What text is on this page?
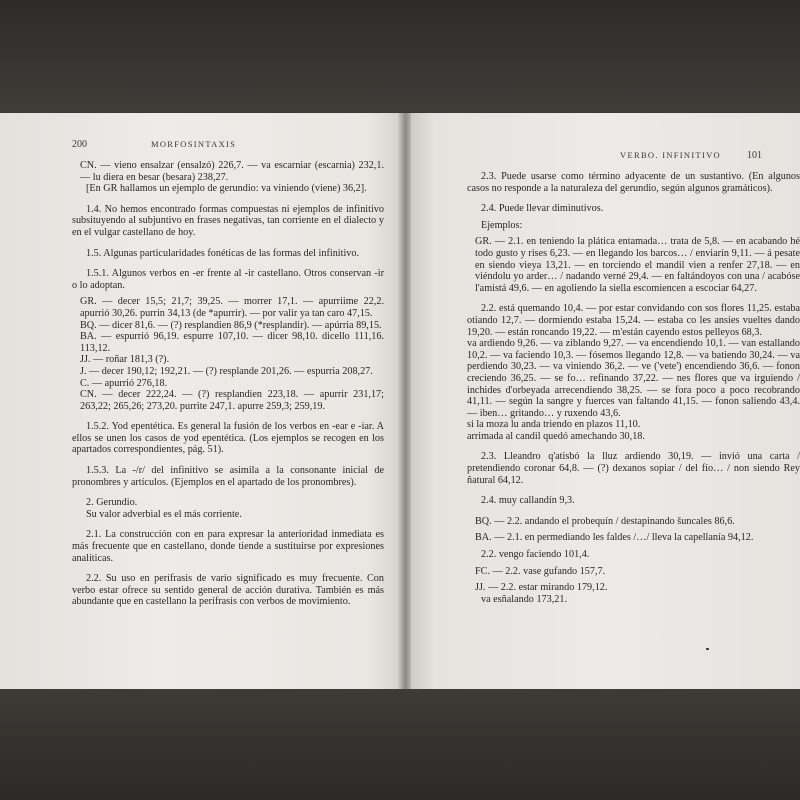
200	MORFOSINTAXIS

CN. — vieno ensalzar (ensalzó) 226,7. — va escarniar (escarnia) 232,1. — lu diera en besar (besara) 238,27.

[En GR hallamos un ejemplo de gerundio: va viniendo (viene) 36,2].

1.4. No hemos encontrado formas compuestas ni ejemplos de infinitivo subsituyendo al subjuntivo en frases negativas, tan corriente en el dialecto y en el vulgar castellano de hoy.

1.5. Algunas particularidades fonéticas de las formas del infinitivo.

1.5.1. Algunos verbos en -er frente al -ir castellano. Otros conservan -ir o lo adoptan.

GR. — decer 15,5; 21,7; 39,25. — morrer 17,1. — apurriime 22,2. apurrió 30,26. purrin 34,13 (de *apurrir). — por valir ya tan caro 47,15.

BQ. — dicer 81,6. — (?) resplandien 86,9 (*resplandir). — apúrria 89,15.

BA. — espurrió 96,19. espurre 107,10. — dicer 98,10. dicello 111,16. 113,12.

JJ. — roñar 181,3 (?).

J. — decer 190,12; 192,21. — (?) resplande 201,26. — espurria 208,27.

C. — apurrió 276,18.

CN. — decer 222,24. — (?) resplandien 223,18. — apurrir 231,17; 263,22; 265,26; 273,20. purrite 247,1. apurre 259,3; 259,19.

1.5.2. Yod epentética. Es general la fusión de los verbos en -ear e -iar. A ellos se unen los casos de yod epentética. (Los ejemplos se recogen en los apartados correspondientes, pág. 51).

1.5.3. La -/r/ del infinitivo se asimila a la consonante inicial de pronombres y artículos. (Ejemplos en el apartado de los pronombres).

2. Gerundio.

Su valor adverbial es el más corriente.

2.1. La construcción con en para expresar la anterioridad inmediata es más frecuente que en castellano, donde tiende a sustituirse por expresiones analíticas.

2.2. Su uso en perífrasis de vario significado es muy frecuente. Con verbo estar ofrece su sentido general de acción durativa. También es más abundante que en castellano la perífrasis con verbos de movimiento.

VERBO. INFINITIVO	101

2.3. Puede usarse como término adyacente de un sustantivo. (En algunos casos no responde a la naturaleza del gerundio, según algunos gramáticos).

2.4. Puede llevar diminutivos.

Ejemplos:

GR. — 2.1. en teniendo la plática entamada… trata de 5,8. — en acabando hé todo gusto y rises 6,23. — en llegando los barcos… / enviarín 9,11. — á pesate en siendo vieya 13,21. — en torciendo el mandil vien a renfer 27,18. — en viéndolu yo arder… / nadando verné 29,4. — en faltándoyos con una / acabóse l'amistá 49,6. — en agoliendo la siella escomiencen a escociar 64,27.

2.2. está quemando 10,4. — por estar convidando con sos flores 11,25. estaba otiando 12,7. — dormiendo estaba 15,24. — estaba co les ansies vueltes dando 19,20. — están roncando 19,22. — m'están cayendo estos pelleyos 68,3.

va ardiendo 9,26. — va ziblando 9,27. — va encendiendo 10,1. — van estallando 10,2. — va faciendo 10,3. — fósemos llegando 12,8. — va batiendo 30,24. — va perdiendo 30,23. — va viniendo 36,2. — ve ('vete') encendiendo 36,6. — fonon creciendo 36,25. — se fo… refinando 37,22. — nes flores que va irguiendo / inchides d'orbeyada arrecendiendo 38,25. — se fora poco a poco recobrando 41,11. — según la sangre y fuerces van faltando 41,15. — fonon saliendo 43,4. — iben… gritando… y ruxendo 43,6.

si la moza lu anda triendo en plazos 11,10.

arrimada al candil quedó amechando 30,18.

2.3. Lleandro q'atisbó la lluz ardiendo 30,19. — invió una carta / pretendiendo coronar 64,8. — (?) dexanos sopiar / del fío… / non siendo Rey ñatural 64,12.

2.4. muy callandín 9,3.

BQ. — 2.2. andando el probequín / destapinando šuncales 86,6.

BA. — 2.1. en permediando les faldes /…/ lleva la capellanía 94,12.

2.2. vengo faciendo 101,4.

FC. — 2.2. vase gufando 157,7.

JJ. — 2.2. estar mirando 179,12.

va esñalando 173,21.
